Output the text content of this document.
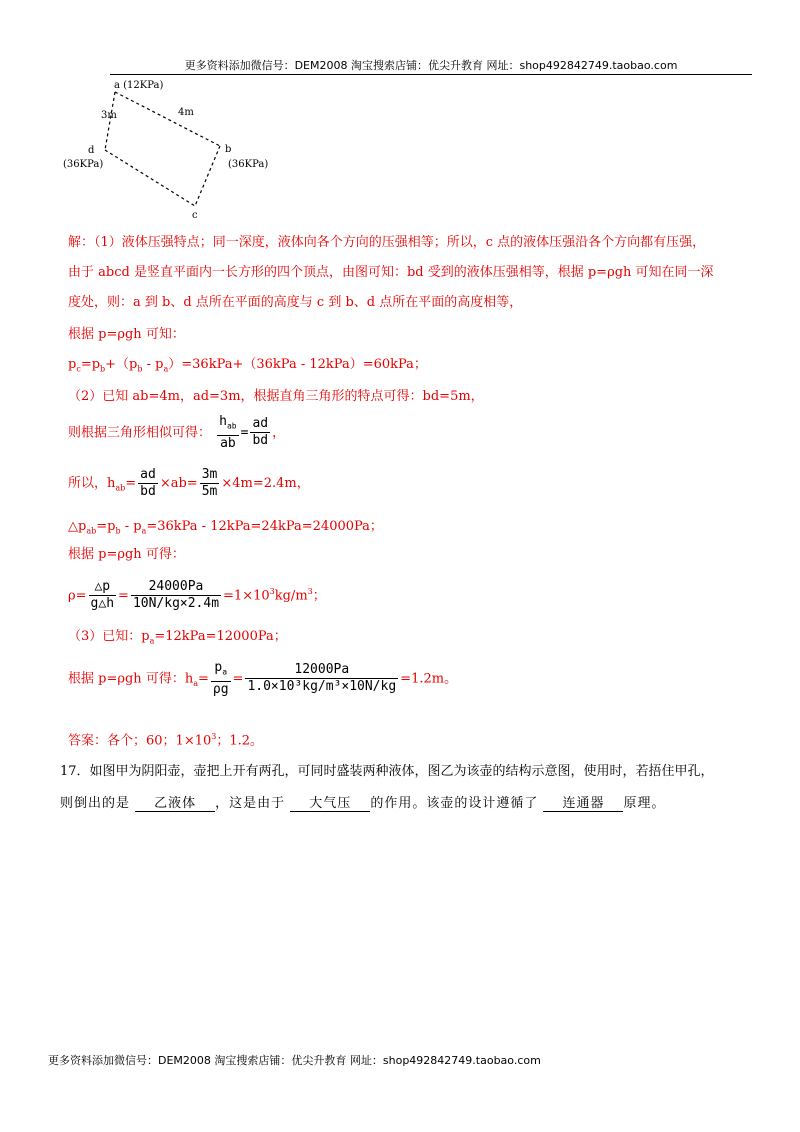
更多资料添加微信号：DEM2008 淘宝搜索店铺：优尖升教育 网址：shop492842749.taobao.com
a (12KPa)
3m	4m
d
(36KPa)
b
(36KPa)
c
解：（1）液体压强特点；同一深度，液体向各个方向的压强相等；所以，c 点的液体压强沿各个方向都有压强，
由于 abcd 是竖直平面内一长方形的四个顶点，由图可知：bd 受到的液体压强相等，根据 p=ρgh 可知在同一深
度处，则：a 到 b、d 点所在平面的高度与 c 到 b、d 点所在平面的高度相等，
根据 p=ρgh 可知：
$p_c=p_b+(p_b - p_a)=36kPa+(36kPa - 12kPa)=60kPa$；
（2）已知 ab=4m，ad=3m，根据直角三角形的特点可得：bd=5m，
则根据三角形相似可得： $\frac{h_{ab}}{ab} = \frac{ad}{bd}$ ，
所以，$h_{ab}= \frac{ad}{bd} \times ab= \frac{3m}{5m} \times 4m=2.4m$，
$\triangle p_{ab}=p_b - p_a=36kPa - 12kPa=24kPa=24000Pa$；
根据 p=ρgh 可得：
$\rho= \frac{\triangle p}{g\triangle h} = \frac{24000Pa}{10N/kg\times 2.4m} =1\times 10^3kg/m^3$；
（3）已知：$p_a=12kPa=12000Pa$；
根据 p=ρgh 可得：$h_a= \frac{p_a}{\rho g} = \frac{12000Pa}{\text{1.0×10³kg/m³×10N/kg}} =1.2m$。
答案：各个；60；$1\times 10^3$；1.2。
17．如图甲为阴阳壶，壶把上开有两孔，可同时盛装两种液体，图乙为该壶的结构示意图，使用时，若捂住甲孔，
则倒出的是 乙液体 ，这是由于 大气压 的作用。该壶的设计遵循了 连通器 原理。
更多资料添加微信号：DEM2008 淘宝搜索店铺：优尖升教育 网址：shop492842749.taobao.com
